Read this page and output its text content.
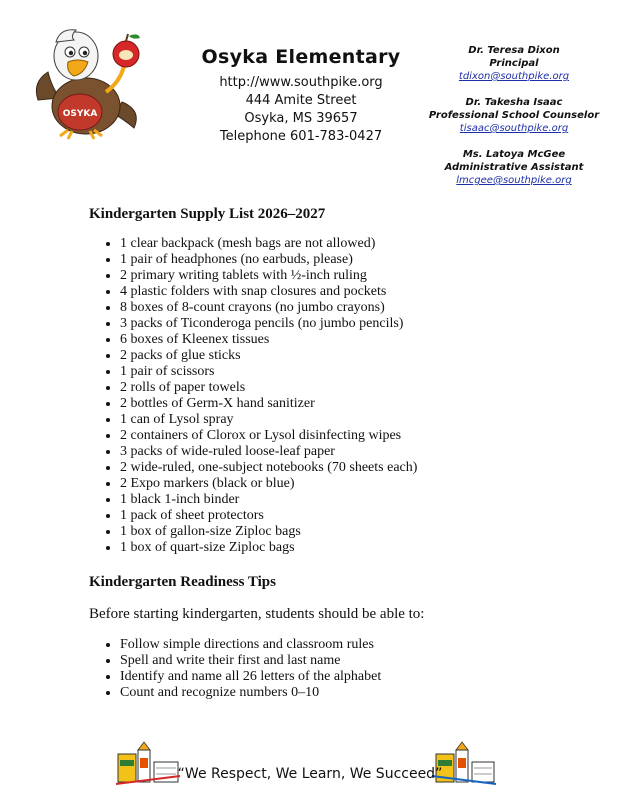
OSYKA
Osyka Elementary
http://www.southpike.org
444 Amite Street
Osyka, MS 39657
Telephone 601-783-0427
Dr. Teresa Dixon
Principal
tdixon@southpike.org
Dr. Takesha Isaac
Professional School Counselor
tisaac@southpike.org
Ms. Latoya McGee
Administrative Assistant
lmcgee@southpike.org
Kindergarten Supply List 2026–2027
• 1 clear backpack (mesh bags are not allowed)
• 1 pair of headphones (no earbuds, please)
• 2 primary writing tablets with ½-inch ruling
• 4 plastic folders with snap closures and pockets
• 8 boxes of 8-count crayons (no jumbo crayons)
• 3 packs of Ticonderoga pencils (no jumbo pencils)
• 6 boxes of Kleenex tissues
• 2 packs of glue sticks
• 1 pair of scissors
• 2 rolls of paper towels
• 2 bottles of Germ-X hand sanitizer
• 1 can of Lysol spray
• 2 containers of Clorox or Lysol disinfecting wipes
• 3 packs of wide-ruled loose-leaf paper
• 2 wide-ruled, one-subject notebooks (70 sheets each)
• 2 Expo markers (black or blue)
• 1 black 1-inch binder
• 1 pack of sheet protectors
• 1 box of gallon-size Ziploc bags
• 1 box of quart-size Ziploc bags
Kindergarten Readiness Tips
Before starting kindergarten, students should be able to:
• Follow simple directions and classroom rules
• Spell and write their first and last name
• Identify and name all 26 letters of the alphabet
• Count and recognize numbers 0–10
“We Respect, We Learn, We Succeed”
